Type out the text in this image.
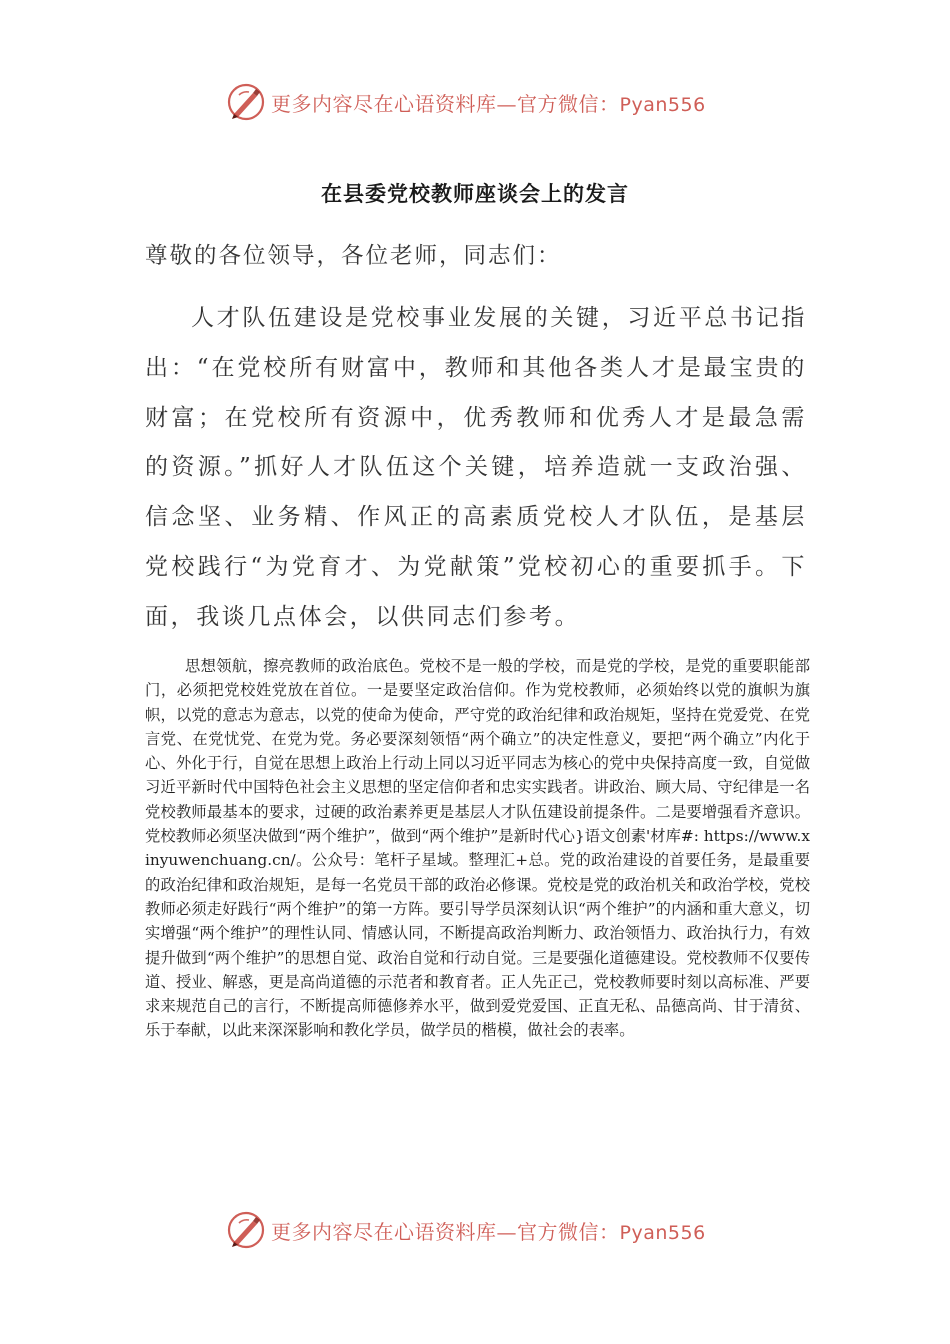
更多内容尽在心语资料库—官方微信：Pyan556
在县委党校教师座谈会上的发言
尊敬的各位领导，各位老师，同志们：

人才队伍建设是党校事业发展的关键，习近平总书记指出：“在党校所有财富中，教师和其他各类人才是最宝贵的财富；在党校所有资源中，优秀教师和优秀人才是最急需的资源。”抓好人才队伍这个关键，培养造就一支政治强、信念坚、业务精、作风正的高素质党校人才队伍，是基层党校践行“为党育才、为党献策”党校初心的重要抓手。下面，我谈几点体会，以供同志们参考。

思想领航，擦亮教师的政治底色。党校不是一般的学校，而是党的学校，是党的重要职能部门，必须把党校姓党放在首位。一是要坚定政治信仰。作为党校教师，必须始终以党的旗帜为旗帜，以党的意志为意志，以党的使命为使命，严守党的政治纪律和政治规矩，坚持在党爱党、在党言党、在党忧党、在党为党。务必要深刻领悟“两个确立”的决定性意义，要把“两个确立”内化于心、外化于行，自觉在思想上政治上行动上同以习近平同志为核心的党中央保持高度一致，自觉做习近平新时代中国特色社会主义思想的坚定信仰者和忠实实践者。讲政治、顾大局、守纪律是一名党校教师最基本的要求，过硬的政治素养更是基层人才队伍建设前提条件。二是要增强看齐意识。党校教师必须坚决做到“两个维护”，做到“两个维护”是新时代心}语文创素'材库#: https://www.xinyuwenchuang.cn/。公众号：笔杆子星域。整理汇+总。党的政治建设的首要任务，是最重要的政治纪律和政治规矩，是每一名党员干部的政治必修课。党校是党的政治机关和政治学校，党校教师必须走好践行“两个维护”的第一方阵。要引导学员深刻认识“两个维护”的内涵和重大意义，切实增强“两个维护”的理性认同、情感认同，不断提高政治判断力、政治领悟力、政治执行力，有效提升做到“两个维护”的思想自觉、政治自觉和行动自觉。三是要强化道德建设。党校教师不仅要传道、授业、解惑，更是高尚道德的示范者和教育者。正人先正己，党校教师要时刻以高标准、严要求来规范自己的言行，不断提高师德修养水平，做到爱党爱国、正直无私、品德高尚、甘于清贫、乐于奉献，以此来深深影响和教化学员，做学员的楷模，做社会的表率。

更多内容尽在心语资料库—官方微信：Pyan556
